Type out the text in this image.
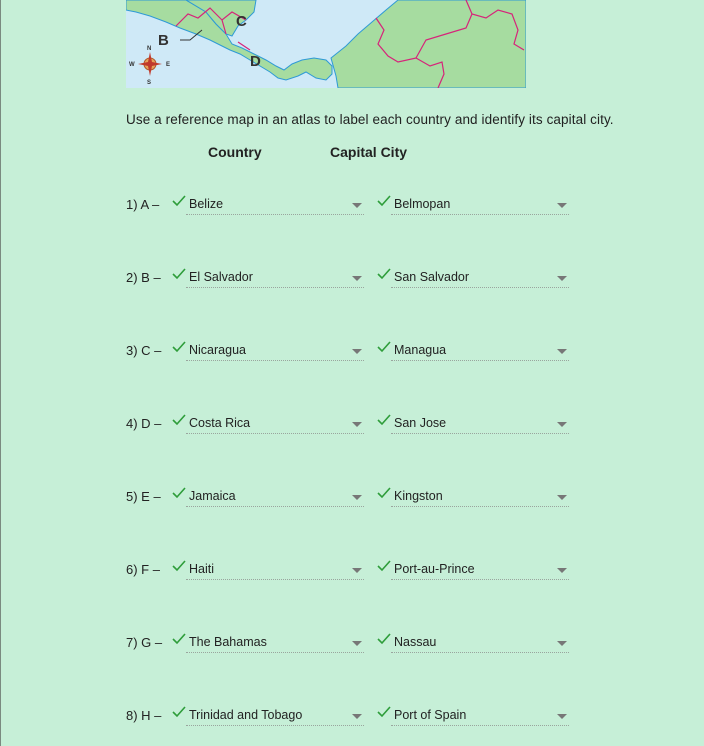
B
C
D
N
W	E
S
Use a reference map in an atlas to label each country and identify its capital city.
Country	Capital City
1) A – Belize	Belmopan
2) B – El Salvador	San Salvador
3) C – Nicaragua	Managua
4) D – Costa Rica	San Jose
5) E – Jamaica	Kingston
6) F – Haiti	Port-au-Prince
7) G – The Bahamas	Nassau
8) H – Trinidad and Tobago	Port of Spain
